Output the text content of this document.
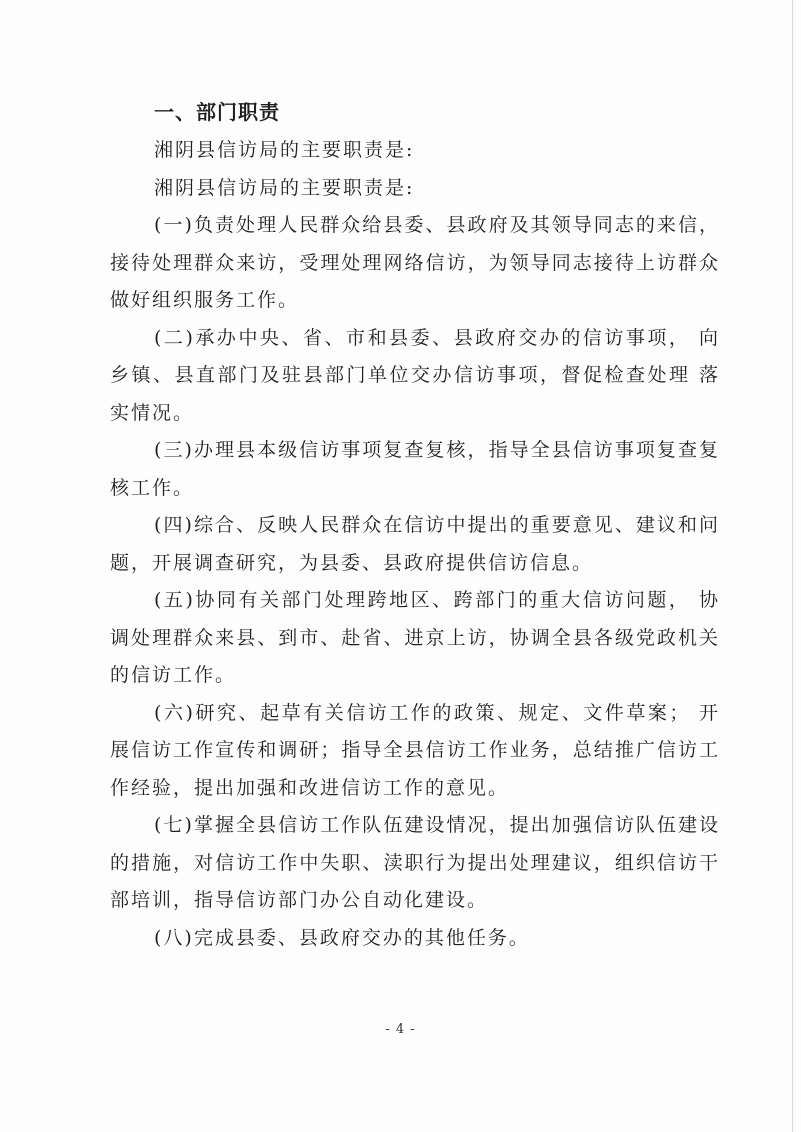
一、部门职责
湘阴县信访局的主要职责是:
湘阴县信访局的主要职责是:

(一)负责处理人民群众给县委、县政府及其领导同志的来信，接待处理群众来访，受理处理网络信访，为领导同志接待上访群众做好组织服务工作。

(二)承办中央、省、市和县委、县政府交办的信访事项， 向乡镇、县直部门及驻县部门单位交办信访事项，督促检查处理 落实情况。

(三)办理县本级信访事项复查复核，指导全县信访事项复查复核工作。

(四)综合、反映人民群众在信访中提出的重要意见、建议和问题，开展调查研究，为县委、县政府提供信访信息。

(五)协同有关部门处理跨地区、跨部门的重大信访问题， 协调处理群众来县、到市、赴省、进京上访，协调全县各级党政机关的信访工作。

(六)研究、起草有关信访工作的政策、规定、文件草案； 开展信访工作宣传和调研；指导全县信访工作业务，总结推广信访工作经验，提出加强和改进信访工作的意见。

(七)掌握全县信访工作队伍建设情况，提出加强信访队伍建设的措施，对信访工作中失职、渎职行为提出处理建议，组织信访干部培训，指导信访部门办公自动化建设。

(八)完成县委、县政府交办的其他任务。

- 4 -
